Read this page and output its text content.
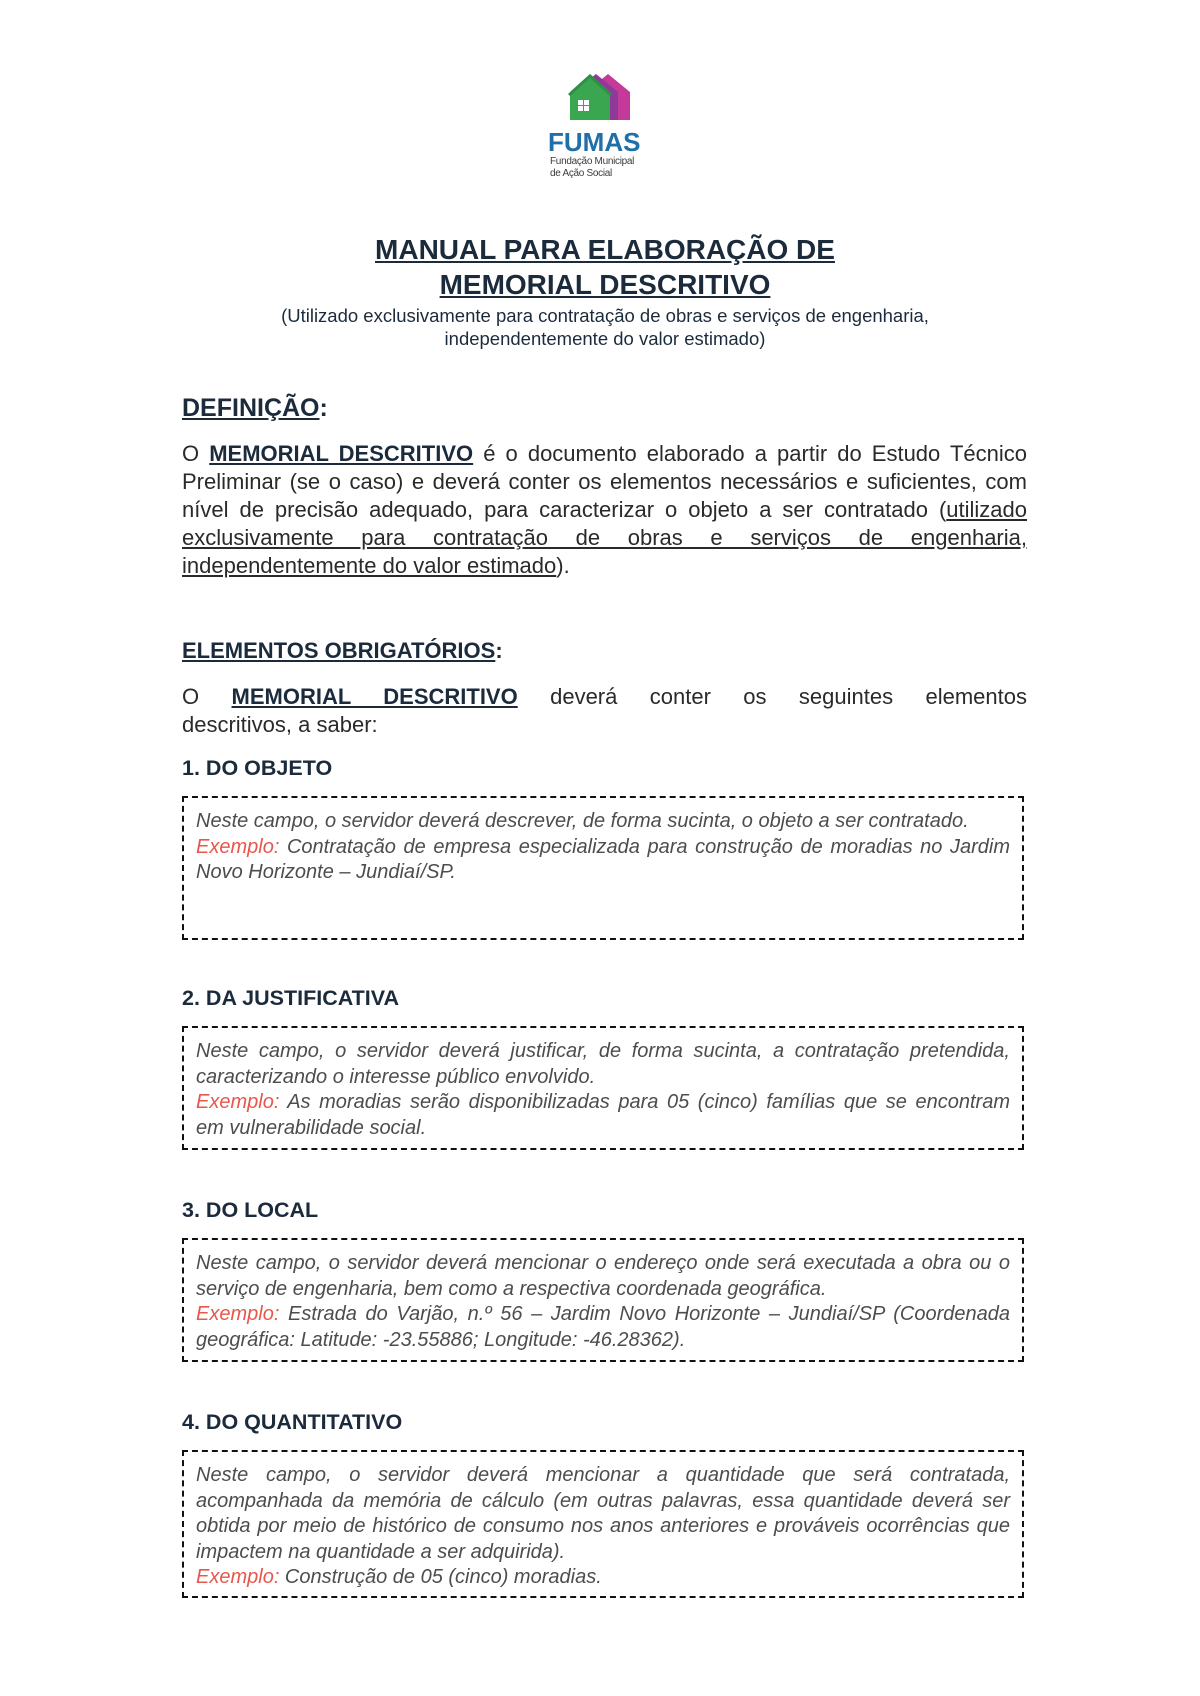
FUMAS
Fundação Municipal
de Ação Social
MANUAL PARA ELABORAÇÃO DE
MEMORIAL DESCRITIVO
(Utilizado exclusivamente para contratação de obras e serviços de engenharia,
independentemente do valor estimado)
DEFINIÇÃO:
O MEMORIAL DESCRITIVO é o documento elaborado a partir do Estudo Técnico Preliminar (se o caso) e deverá conter os elementos necessários e suficientes, com nível de precisão adequado, para caracterizar o objeto a ser contratado (utilizado exclusivamente para contratação de obras e serviços de engenharia, independentemente do valor estimado).
ELEMENTOS OBRIGATÓRIOS:
O MEMORIAL DESCRITIVO deverá conter os seguintes elementos
descritivos, a saber:
1. DO OBJETO
Neste campo, o servidor deverá descrever, de forma sucinta, o objeto a ser contratado.
Exemplo: Contratação de empresa especializada para construção de moradias no Jardim Novo Horizonte – Jundiaí/SP.
2. DA JUSTIFICATIVA
Neste campo, o servidor deverá justificar, de forma sucinta, a contratação pretendida, caracterizando o interesse público envolvido.
Exemplo: As moradias serão disponibilizadas para 05 (cinco) famílias que se encontram em vulnerabilidade social.
3. DO LOCAL
Neste campo, o servidor deverá mencionar o endereço onde será executada a obra ou o serviço de engenharia, bem como a respectiva coordenada geográfica.
Exemplo: Estrada do Varjão, n.º 56 – Jardim Novo Horizonte – Jundiaí/SP (Coordenada geográfica: Latitude: -23.55886; Longitude: -46.28362).
4. DO QUANTITATIVO
Neste campo, o servidor deverá mencionar a quantidade que será contratada, acompanhada da memória de cálculo (em outras palavras, essa quantidade deverá ser obtida por meio de histórico de consumo nos anos anteriores e prováveis ocorrências que impactem na quantidade a ser adquirida).
Exemplo: Construção de 05 (cinco) moradias.
